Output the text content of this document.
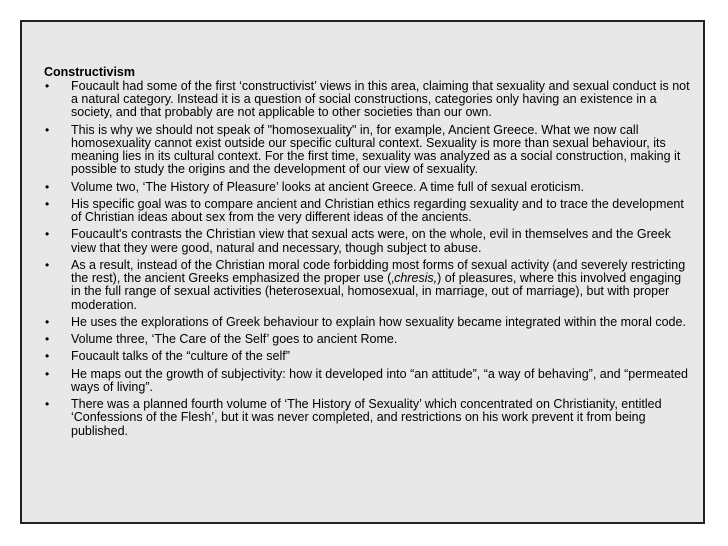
Constructivism
• Foucault had some of the first ‘constructivist’ views in this area, claiming that sexuality and sexual conduct is not a natural category. Instead it is a question of social constructions, categories only having an existence in a society, and that probably are not applicable to other societies than our own.
• This is why we should not speak of "homosexuality" in, for example, Ancient Greece. What we now call homosexuality cannot exist outside our specific cultural context. Sexuality is more than sexual behaviour, its meaning lies in its cultural context. For the first time, sexuality was analyzed as a social construction, making it possible to study the origins and the development of our view of sexuality.
• Volume two, ‘The History of Pleasure’ looks at ancient Greece. A time full of sexual eroticism.
• His specific goal was to compare ancient and Christian ethics regarding sexuality and to trace the development of Christian ideas about sex from the very different ideas of the ancients.
• Foucault's contrasts the Christian view that sexual acts were, on the whole, evil in themselves and the Greek view that they were good, natural and necessary, though subject to abuse.
• As a result, instead of the Christian moral code forbidding most forms of sexual activity (and severely restricting the rest), the ancient Greeks emphasized the proper use (‚chresis,) of pleasures, where this involved engaging in the full range of sexual activities (heterosexual, homosexual, in marriage, out of marriage), but with proper moderation.
• He uses the explorations of Greek behaviour to explain how sexuality became integrated within the moral code.
• Volume three, ‘The Care of the Self’ goes to ancient Rome.
• Foucault talks of the “culture of the self”
• He maps out the growth of subjectivity: how it developed into “an attitude”, “a way of behaving”, and “permeated ways of living”.
• There was a planned fourth volume of ‘The History of Sexuality’ which concentrated on Christianity, entitled ‘Confessions of the Flesh’, but it was never completed, and restrictions on his work prevent it from being published.
